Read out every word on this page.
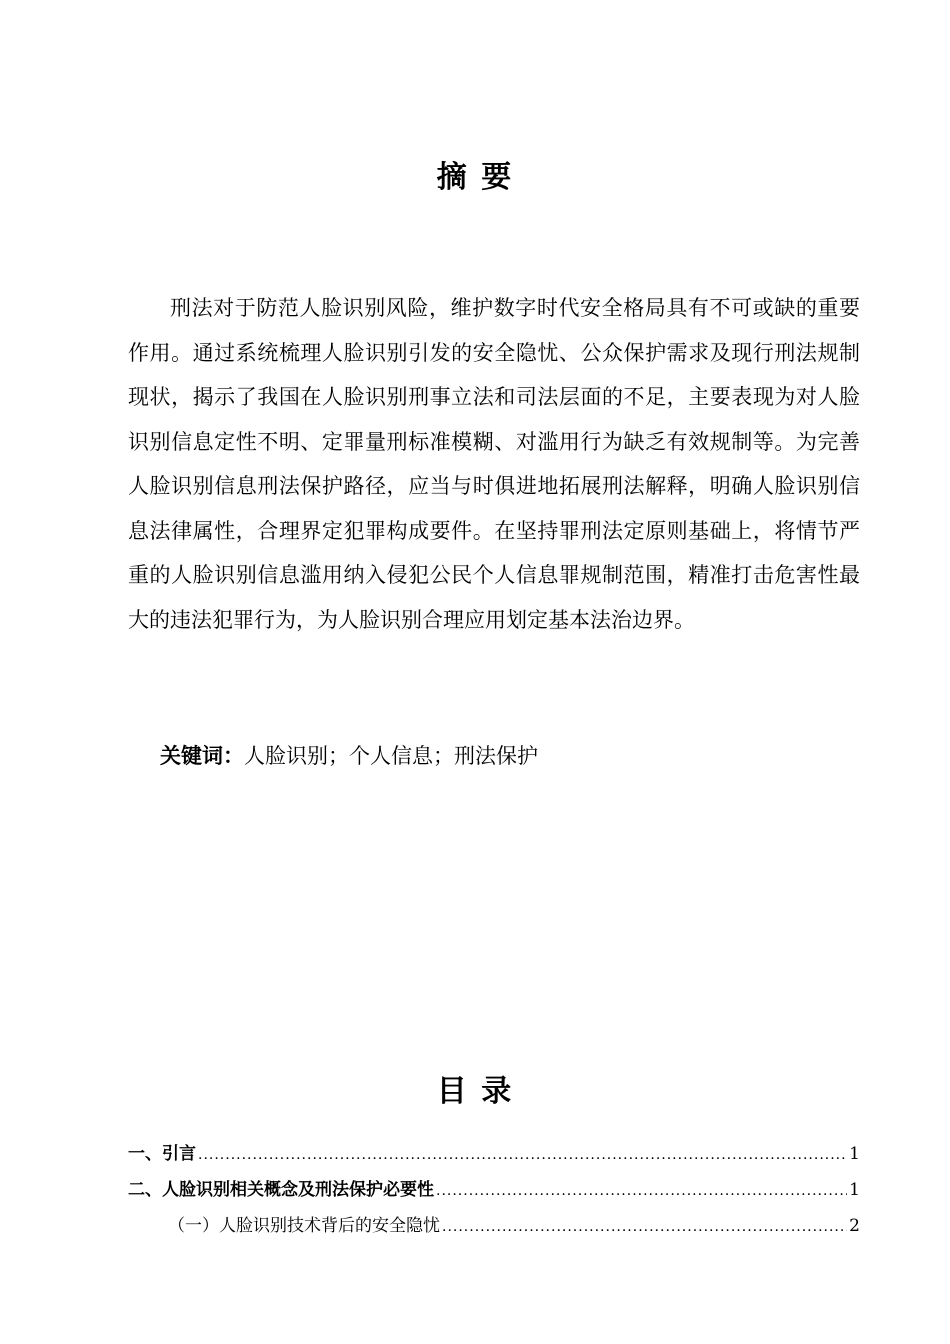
摘 要

刑法对于防范人脸识别风险，维护数字时代安全格局具有不可或缺的重要作用。通过系统梳理人脸识别引发的安全隐忧、公众保护需求及现行刑法规制现状，揭示了我国在人脸识别刑事立法和司法层面的不足，主要表现为对人脸识别信息定性不明、定罪量刑标准模糊、对滥用行为缺乏有效规制等。为完善人脸识别信息刑法保护路径，应当与时俱进地拓展刑法解释，明确人脸识别信息法律属性，合理界定犯罪构成要件。在坚持罪刑法定原则基础上，将情节严重的人脸识别信息滥用纳入侵犯公民个人信息罪规制范围，精准打击危害性最大的违法犯罪行为，为人脸识别合理应用划定基本法治边界。

关键词：人脸识别；个人信息；刑法保护
目 录
一、引言 .....	1
二、人脸识别相关概念及刑法保护必要性 .....	1
（一）人脸识别技术背后的安全隐忧 .....	2
